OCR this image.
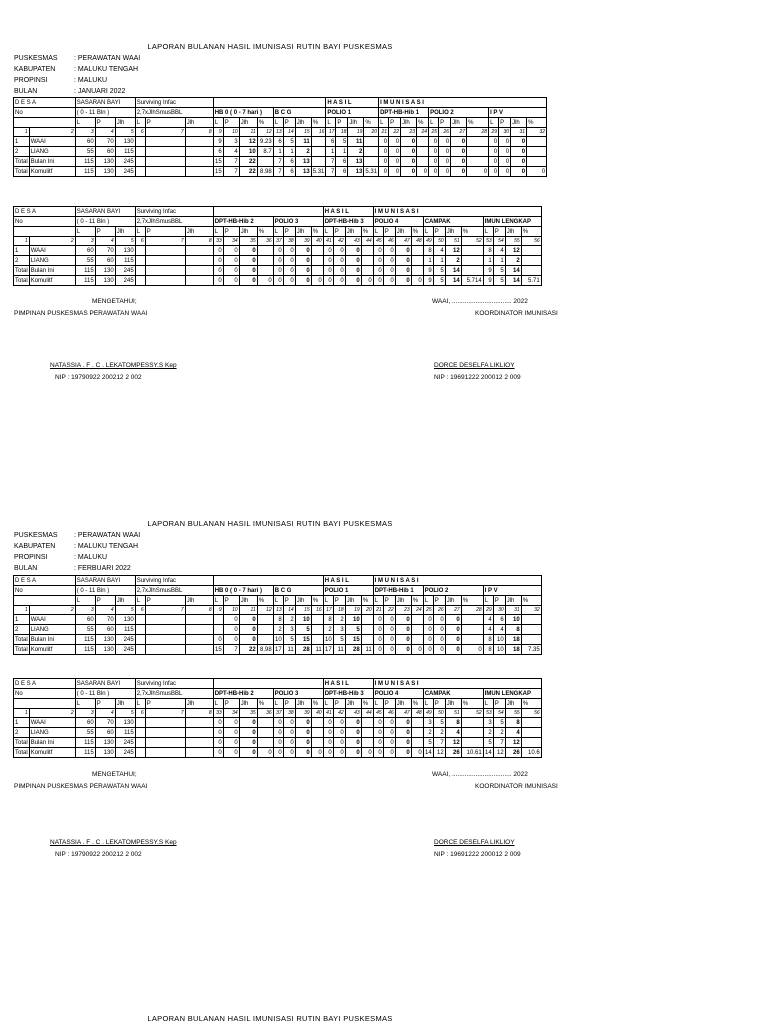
LAPORAN BULANAN HASIL IMUNISASI RUTIN BAYI PUSKESMAS
PUSKESMAS : PERAWATAN WAAI
KABUPATEN	: MALUKU TENGAH
PROPINSI	: MALUKU
BULAN	: JANUARI 2022
D E S A		SASARAN BAYI			Surviving Infac											H A S I L				I M U N I S A S I											
No		( 0 - 11 Bln )			2,7xJlhSmusBBL			HB 0 ( 0 - 7 hari )				B C G				POLIO 1				DPT-HB-Hib 1				POLIO 2				I P V			
		L	P	Jlh	L	P	Jlh	L	P	Jlh	%	L	P	Jlh	%	L	P	Jlh	%	L	P	Jlh	%	L	P	Jlh	%	L	P	Jlh	%
1	2	3	4	5	6	7	8	9	10	11	12	13	14	15	16	17	18	19	20	21	22	23	24	25	26	27	28	29	30	31	32
1	WAAI	60	70	130				9	3	12	9.23	6	5	11		6	5	11		0	0	0		0	0	0		0	0	0	
2	LIANG	55	60	115				6	4	10	8.7	1	1	2		1	1	2		0	0	0		0	0	0		0	0	0	
Total	Bulan Ini	115	130	245				15	7	22		7	6	13		7	6	13		0	0	0		0	0	0		0	0	0	
Total	Komulitf	115	130	245				15	7	22	8.98	7	6	13	5.31	7	6	13	5.31	0	0	0	0	0	0	0	0	0	0	0	0
D E S A		SASARAN BAYI			Surviving Infac											H A S I L				I M U N I S A S I											
No		( 0 - 11 Bln )			2,7xJlhSmusBBL			DPT-HB-Hib 2				POLIO 3				DPT-HB-Hib 3				POLIO 4				CAMPAK				IMUN LENGKAP			
		L	P	Jlh	L	P	Jlh	L	P	Jlh	%	L	P	Jlh	%	L	P	Jlh	%	L	P	Jlh	%	L	P	Jlh	%	L	P	Jlh	%
1	2	3	4	5	6	7	8	33	34	35	36	37	38	39	40	41	42	43	44	45	46	47	48	49	50	51	52	53	54	55	56
1	WAAI	60	70	130				0	0	0		0	0	0		0	0	0		0	0	0		8	4	12		8	4	12	
2	LIANG	55	60	115				0	0	0		0	0	0		0	0	0		0	0	0		1	1	2		1	1	2	
Total	Bulan Ini	115	130	245				0	0	0		0	0	0		0	0	0		0	0	0		9	5	14		9	5	14	
Total	Komulitf	115	130	245				0	0	0	0	0	0	0	0	0	0	0	0	0	0	0	0	9	5	14	5.714	9	5	14	5.71
MENGETAHUI;	WAAI, ................................. 2022
PIMPINAN PUSKESMAS PERAWATAN WAAI	KOORDINATOR IMUNISASI
NATASSIA . F . C . LEKATOMPESSY.S Kep
NIP : 19790922 200212 2 002
DORCE DESELFA LIKLIOY
NIP : 19691222 200012 2 009
LAPORAN BULANAN HASIL IMUNISASI RUTIN BAYI PUSKESMAS
PUSKESMAS : PERAWATAN WAAI
KABUPATEN	: MALUKU TENGAH
PROPINSI	: MALUKU
BULAN	: FERBUARI 2022
D E S A		SASARAN BAYI			Surviving Infac											H A S I L				I M U N I S A S I											
No		( 0 - 11 Bln )			2,7xJlhSmusBBL			HB 0 ( 0 - 7 hari )				B C G				POLIO 1				DPT-HB-Hib 1				POLIO 2				I P V			
		L	P	Jlh	L	P	Jlh	L	P	Jlh	%	L	P	Jlh	%	L	P	Jlh	%	L	P	Jlh	%	L	P	Jlh	%	L	P	Jlh	%
1	2	3	4	5	6	7	8	9	10	11	12	13	14	15	16	17	18	19	20	21	22	23	24	25	26	27	28	29	30	31	32
1	WAAI	60	70	130					0	0		8	2	10		8	2	10		0	0	0		0	0	0		4	6	10	
2	LIANG	55	60	115					0	0		2	3	5		2	3	5		0	0	0		0	0	0		4	4	8	
Total	Bulan Ini	115	130	245				0	0	0		10	5	15		10	5	15		0	0	0		0	0	0		8	10	18	
Total	Komulitf	115	130	245				15	7	22	8.98	17	11	28	11	17	11	28	11	0	0	0	0	0	0	0	0	8	10	18	7.35
D E S A		SASARAN BAYI			Surviving Infac											H A S I L				I M U N I S A S I											
No		( 0 - 11 Bln )			2,7xJlhSmusBBL			DPT-HB-Hib 2				POLIO 3				DPT-HB-Hib 3				POLIO 4				CAMPAK				IMUN LENGKAP			
		L	P	Jlh	L	P	Jlh	L	P	Jlh	%	L	P	Jlh	%	L	P	Jlh	%	L	P	Jlh	%	L	P	Jlh	%	L	P	Jlh	%
1	2	3	4	5	6	7	8	33	34	35	36	37	38	39	40	41	42	43	44	45	46	47	48	49	50	51	52	53	54	55	56
1	WAAI	60	70	130				0	0	0		0	0	0		0	0	0		0	0	0		3	5	8		3	5	8	
2	LIANG	55	60	115				0	0	0		0	0	0		0	0	0		0	0	0		2	2	4		2	2	4	
Total	Bulan Ini	115	130	245				0	0	0		0	0	0		0	0	0		0	0	0		5	7	12		5	7	12	
Total	Komulitf	115	130	245				0	0	0	0	0	0	0	0	0	0	0	0	0	0	0	0	14	12	26	10.61	14	12	26	10.6
MENGETAHUI;	WAAI, ................................. 2022
PIMPINAN PUSKESMAS PERAWATAN WAAI	KOORDINATOR IMUNISASI
NATASSIA . F . C . LEKATOMPESSY.S Kep
NIP : 19790922 200212 2 002
DORCE DESELFA LIKLIOY
NIP : 19691222 200012 2 009
LAPORAN BULANAN HASIL IMUNISASI RUTIN BAYI PUSKESMAS
